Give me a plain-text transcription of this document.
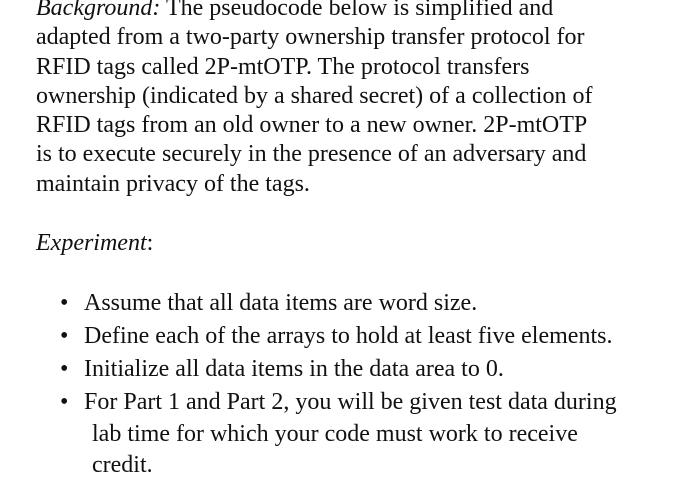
Background: The pseudocode below is simplified and
adapted from a two-party ownership transfer protocol for
RFID tags called 2P-mtOTP. The protocol transfers
ownership (indicated by a shared secret) of a collection of
RFID tags from an old owner to a new owner. 2P-mtOTP
is to execute securely in the presence of an adversary and
maintain privacy of the tags.
Experiment:
• Assume that all data items are word size.
• Define each of the arrays to hold at least five elements.
• Initialize all data items in the data area to 0.
• For Part 1 and Part 2, you will be given test data during
lab time for which your code must work to receive
credit.
